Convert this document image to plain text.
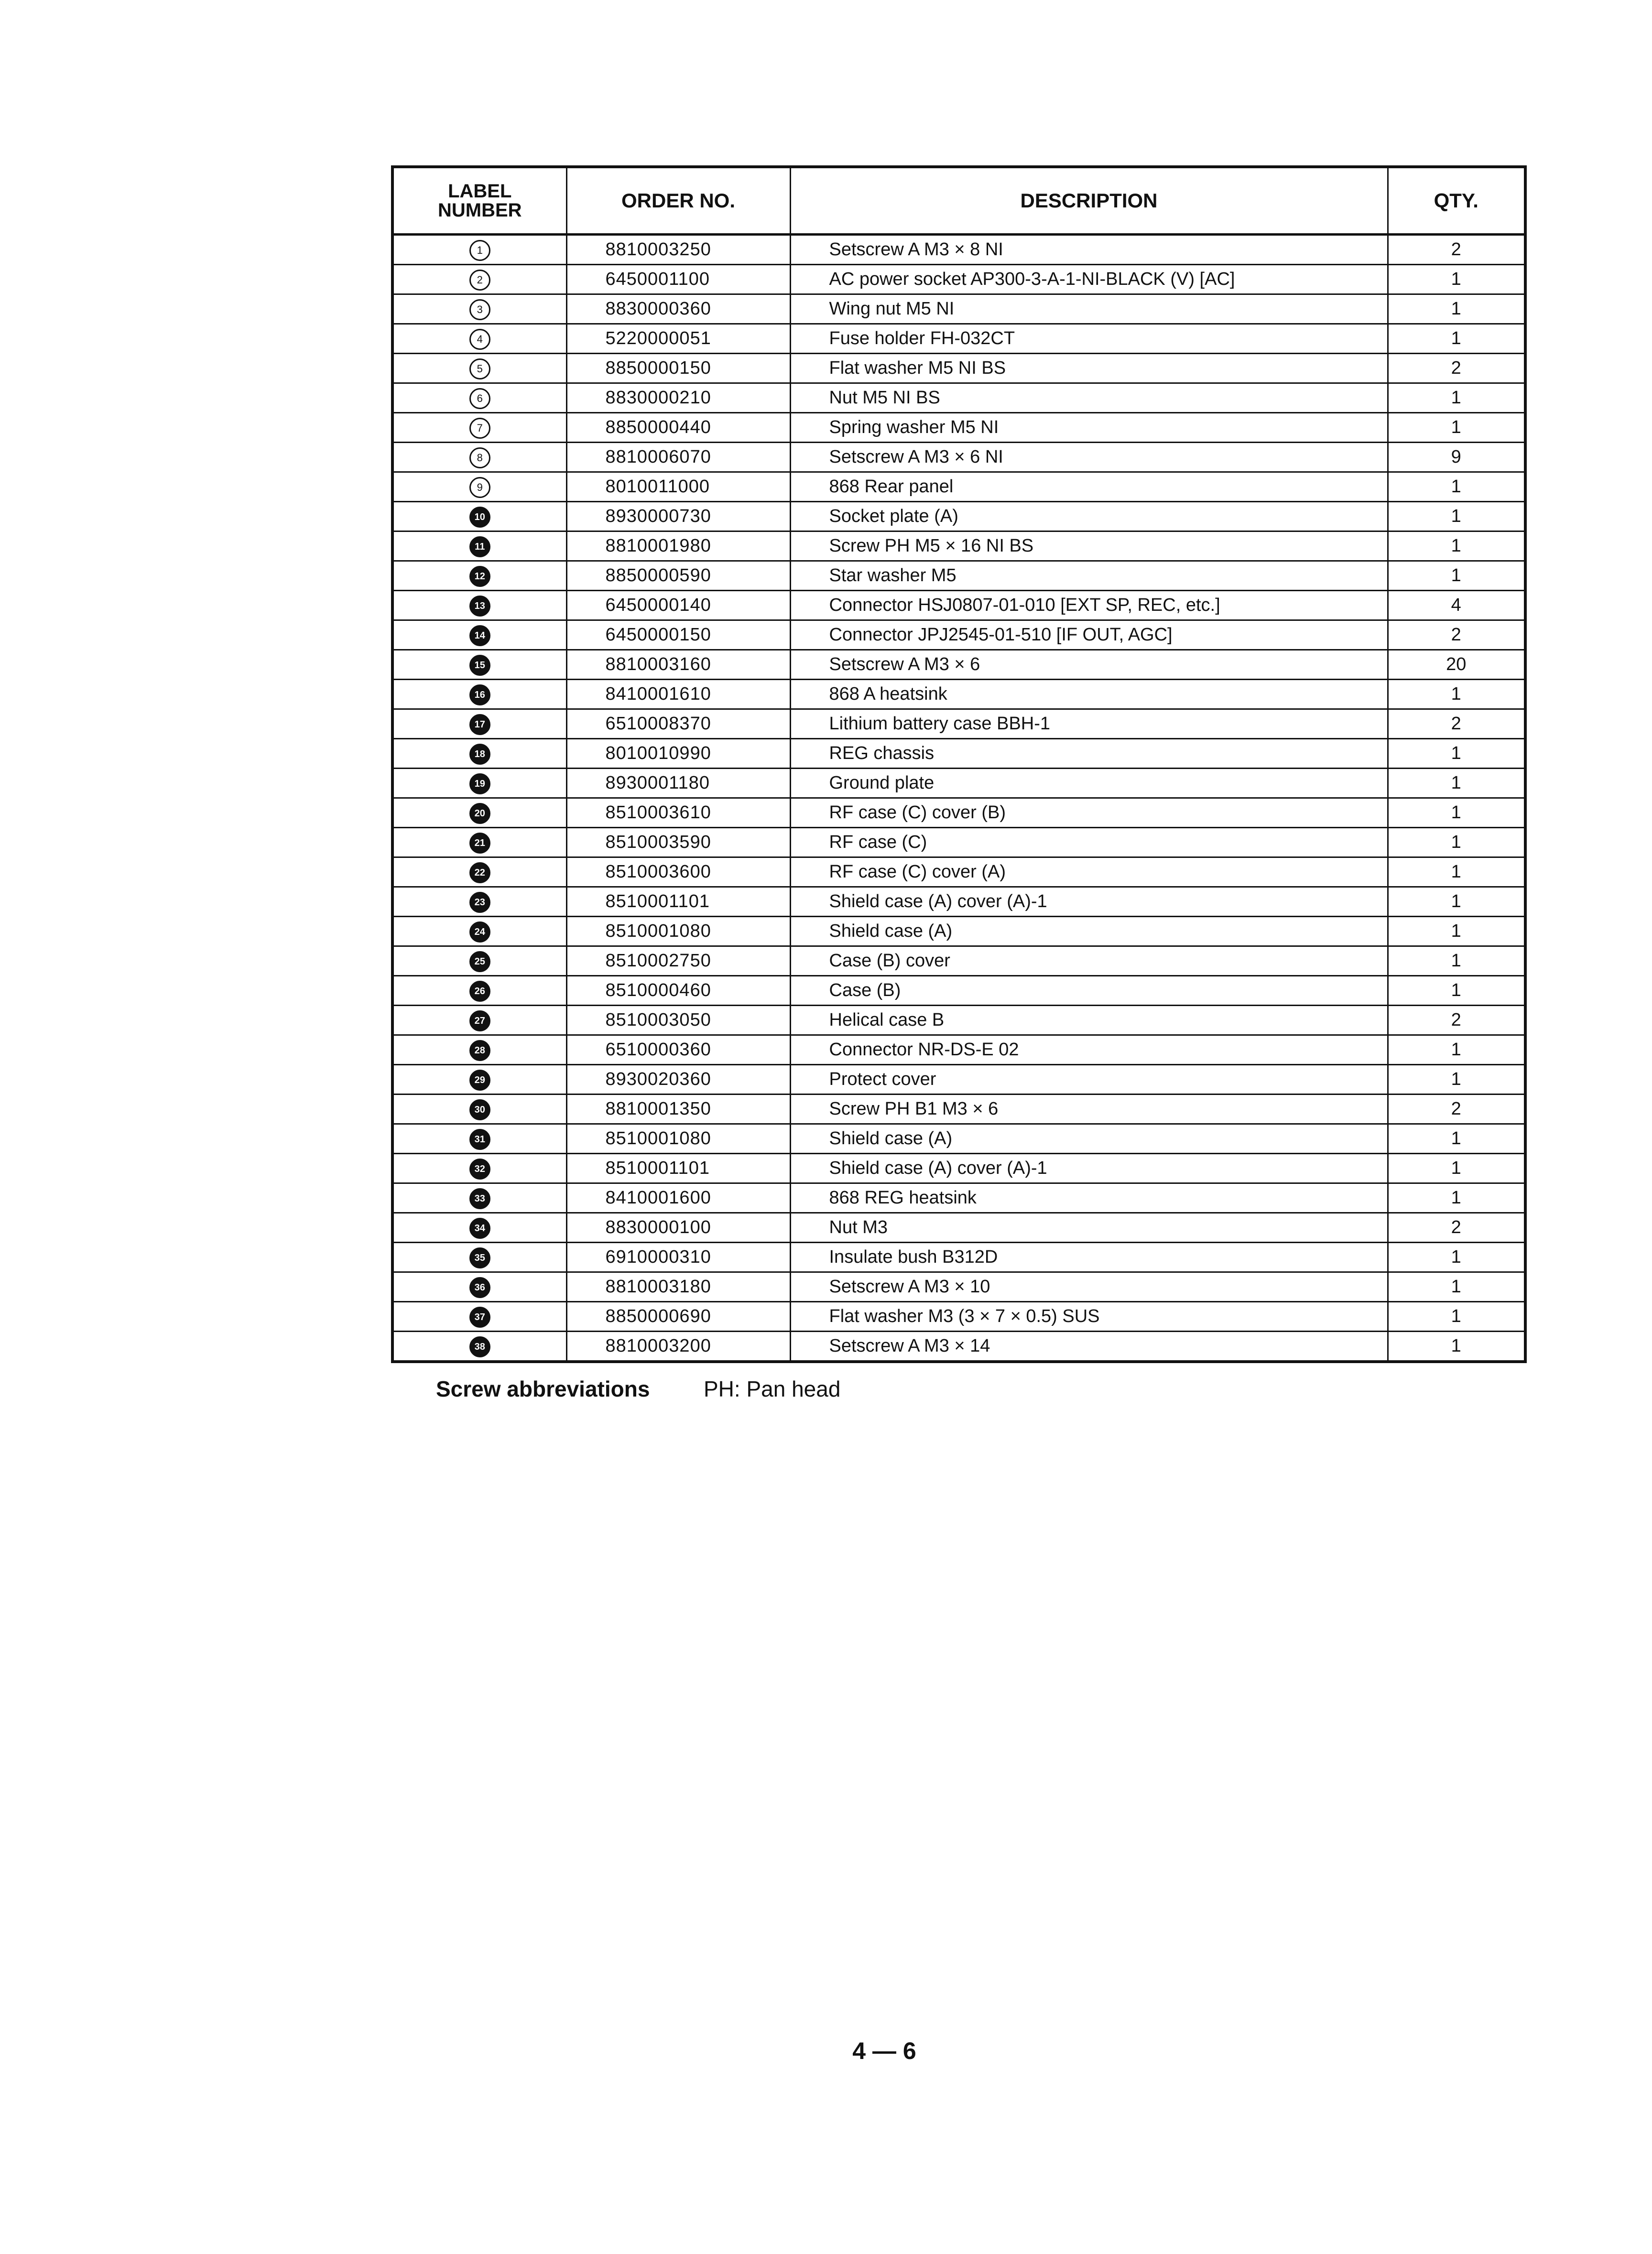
LABEL
NUMBER	ORDER NO.	DESCRIPTION	QTY.
1	8810003250	Setscrew A M3 × 8 NI	2
2	6450001100	AC power socket AP300-3-A-1-NI-BLACK (V) [AC]	1
3	8830000360	Wing nut M5 NI	1
4	5220000051	Fuse holder FH-032CT	1
5	8850000150	Flat washer M5 NI BS	2
6	8830000210	Nut M5 NI BS	1
7	8850000440	Spring washer M5 NI	1
8	8810006070	Setscrew A M3 × 6 NI	9
9	8010011000	868 Rear panel	1
10	8930000730	Socket plate (A)	1
11	8810001980	Screw PH M5 × 16 NI BS	1
12	8850000590	Star washer M5	1
13	6450000140	Connector HSJ0807-01-010 [EXT SP, REC, etc.]	4
14	6450000150	Connector JPJ2545-01-510 [IF OUT, AGC]	2
15	8810003160	Setscrew A M3 × 6	20
16	8410001610	868 A heatsink	1
17	6510008370	Lithium battery case BBH-1	2
18	8010010990	REG chassis	1
19	8930001180	Ground plate	1
20	8510003610	RF case (C) cover (B)	1
21	8510003590	RF case (C)	1
22	8510003600	RF case (C) cover (A)	1
23	8510001101	Shield case (A) cover (A)-1	1
24	8510001080	Shield case (A)	1
25	8510002750	Case (B) cover	1
26	8510000460	Case (B)	1
27	8510003050	Helical case B	2
28	6510000360	Connector NR-DS-E 02	1
29	8930020360	Protect cover	1
30	8810001350	Screw PH B1 M3 × 6	2
31	8510001080	Shield case (A)	1
32	8510001101	Shield case (A) cover (A)-1	1
33	8410001600	868 REG heatsink	1
34	8830000100	Nut M3	2
35	6910000310	Insulate bush B312D	1
36	8810003180	Setscrew A M3 × 10	1
37	8850000690	Flat washer M3 (3 × 7 × 0.5) SUS	1
38	8810003200	Setscrew A M3 × 14	1
Screw abbreviations PH: Pan head
4 — 6
